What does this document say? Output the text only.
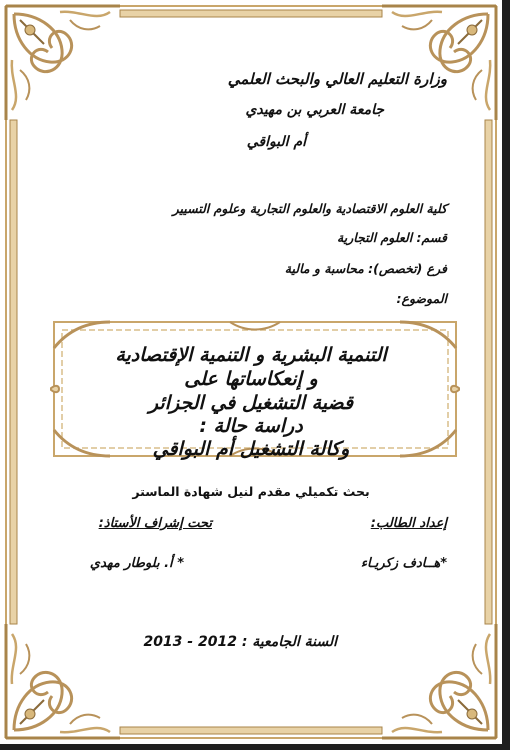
وزارة التعليم العالي والبحث العلمي
جامعة العربي بن مهيدي
أم البواقي
كلية العلوم الاقتصادية والعلوم التجارية وعلوم التسيير
قسم: العلوم التجارية
فرع (تخصص): محاسبة و مالية
الموضوع:
التنمية البشرية و التنمية الإقتصادية
و إنعكاساتها على
قضية التشغيل في الجزائر
دراسة حالة :
وكالة التشغيل أم البواقي
بحث تكميلي مقدم لنيل شهادة الماستر
إعداد الطالب:
تحت إشراف الأستاذ:
*هــادف زكريـاء
* أ. بلوطار مهدي
السنة الجامعية : 2012 - 2013
